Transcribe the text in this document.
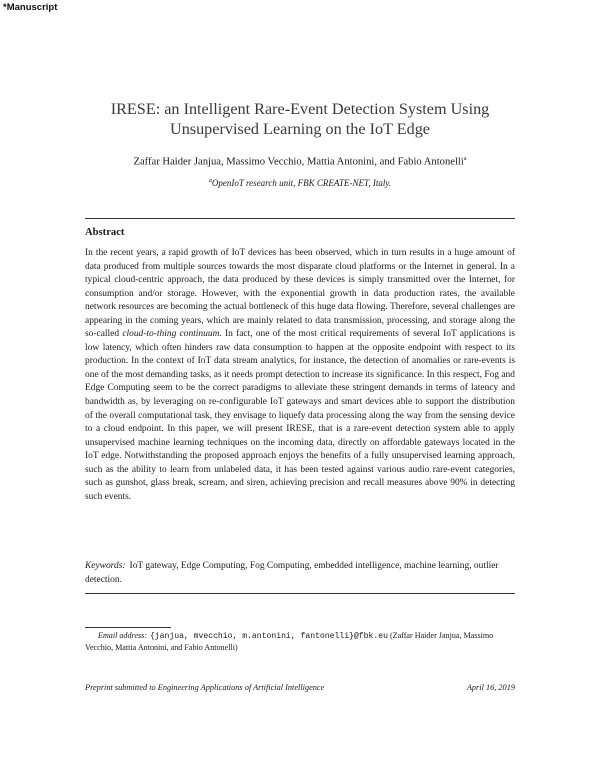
*Manuscript
IRESE: an Intelligent Rare-Event Detection System Using
Unsupervised Learning on the IoT Edge
Zaffar Haider Janjua, Massimo Vecchio, Mattia Antonini, and Fabio Antonelli$^a$
$^a$OpenIoT research unit, FBK CREATE-NET, Italy.
Abstract

In the recent years, a rapid growth of IoT devices has been observed, which in turn results in a huge amount of data produced from multiple sources towards the most disparate cloud platforms or the Internet in general. In a typical cloud-centric approach, the data produced by these devices is simply transmitted over the Internet, for consumption and/or storage. However, with the exponential growth in data production rates, the available network resources are becoming the actual bottleneck of this huge data flowing. Therefore, several challenges are appearing in the coming years, which are mainly related to data transmission, processing, and storage along the so-called cloud-to-thing continuum. In fact, one of the most critical requirements of several IoT applications is low latency, which often hinders raw data consumption to happen at the opposite endpoint with respect to its production. In the context of IoT data stream analytics, for instance, the detection of anomalies or rare-events is one of the most demanding tasks, as it needs prompt detection to increase its significance. In this respect, Fog and Edge Computing seem to be the correct paradigms to alleviate these stringent demands in terms of latency and bandwidth as, by leveraging on re-configurable IoT gateways and smart devices able to support the distribution of the overall computational task, they envisage to liquefy data processing along the way from the sensing device to a cloud endpoint. In this paper, we will present IRESE, that is a rare-event detection system able to apply unsupervised machine learning techniques on the incoming data, directly on affordable gateways located in the IoT edge. Notwithstanding the proposed approach enjoys the benefits of a fully unsupervised learning approach, such as the ability to learn from unlabeled data, it has been tested against various audio rare-event categories, such as gunshot, glass break, scream, and siren, achieving precision and recall measures above 90% in detecting such events.

Keywords: IoT gateway, Edge Computing, Fog Computing, embedded intelligence, machine learning, outlier detection.
Email address: {janjua, mvecchio, m.antonini, fantonelli}@fbk.eu (Zaffar Haider Janjua, Massimo Vecchio, Mattia Antonini, and Fabio Antonelli)
Preprint submitted to Engineering Applications of Artificial Intelligence	April 16, 2019
